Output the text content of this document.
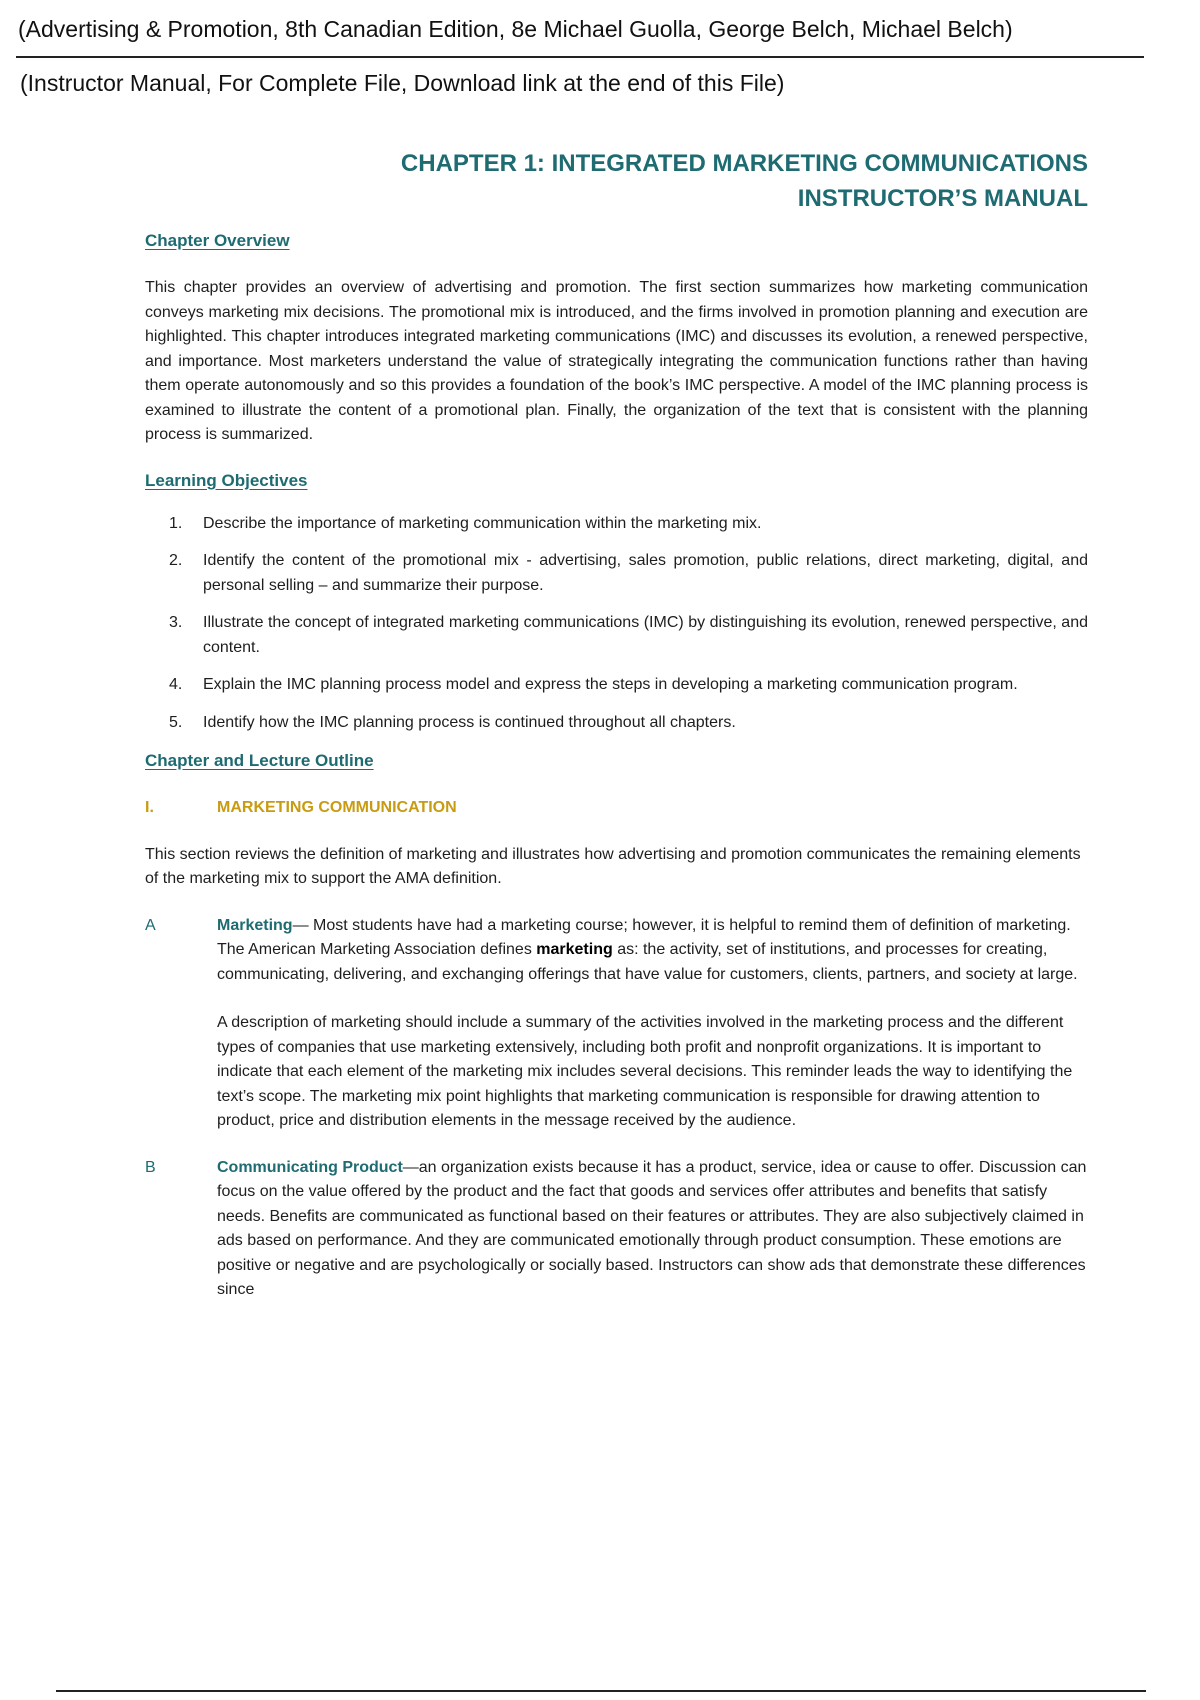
(Advertising & Promotion, 8th Canadian Edition, 8e Michael Guolla, George Belch, Michael Belch)
(Instructor Manual, For Complete File, Download link at the end of this File)
CHAPTER 1: INTEGRATED MARKETING COMMUNICATIONS
INSTRUCTOR’S MANUAL
Chapter Overview

This chapter provides an overview of advertising and promotion. The first section summarizes how marketing communication conveys marketing mix decisions. The promotional mix is introduced, and the firms involved in promotion planning and execution are highlighted. This chapter introduces integrated marketing communications (IMC) and discusses its evolution, a renewed perspective, and importance. Most marketers understand the value of strategically integrating the communication functions rather than having them operate autonomously and so this provides a foundation of the book’s IMC perspective. A model of the IMC planning process is examined to illustrate the content of a promotional plan. Finally, the organization of the text that is consistent with the planning process is summarized.

Learning Objectives
1.	Describe the importance of marketing communication within the marketing mix.
2.	Identify the content of the promotional mix - advertising, sales promotion, public relations, direct marketing, digital, and personal selling – and summarize their purpose.
3.	Illustrate the concept of integrated marketing communications (IMC) by distinguishing its evolution, renewed perspective, and content.
4.	Explain the IMC planning process model and express the steps in developing a marketing communication program.
5.	Identify how the IMC planning process is continued throughout all chapters.
Chapter and Lecture Outline
I.	MARKETING COMMUNICATION

This section reviews the definition of marketing and illustrates how advertising and promotion communicates the remaining elements of the marketing mix to support the AMA definition.

A	Marketing— Most students have had a marketing course; however, it is helpful to remind them of definition of marketing. The American Marketing Association defines marketing as: the activity, set of institutions, and processes for creating, communicating, delivering, and exchanging offerings that have value for customers, clients, partners, and society at large.

A description of marketing should include a summary of the activities involved in the marketing process and the different types of companies that use marketing extensively, including both profit and nonprofit organizations. It is important to indicate that each element of the marketing mix includes several decisions. This reminder leads the way to identifying the text’s scope. The marketing mix point highlights that marketing communication is responsible for drawing attention to product, price and distribution elements in the message received by the audience.

B	Communicating Product—an organization exists because it has a product, service, idea or cause to offer. Discussion can focus on the value offered by the product and the fact that goods and services offer attributes and benefits that satisfy needs. Benefits are communicated as functional based on their features or attributes. They are also subjectively claimed in ads based on performance. And they are communicated emotionally through product consumption. These emotions are positive or negative and are psychologically or socially based. Instructors can show ads that demonstrate these differences since
